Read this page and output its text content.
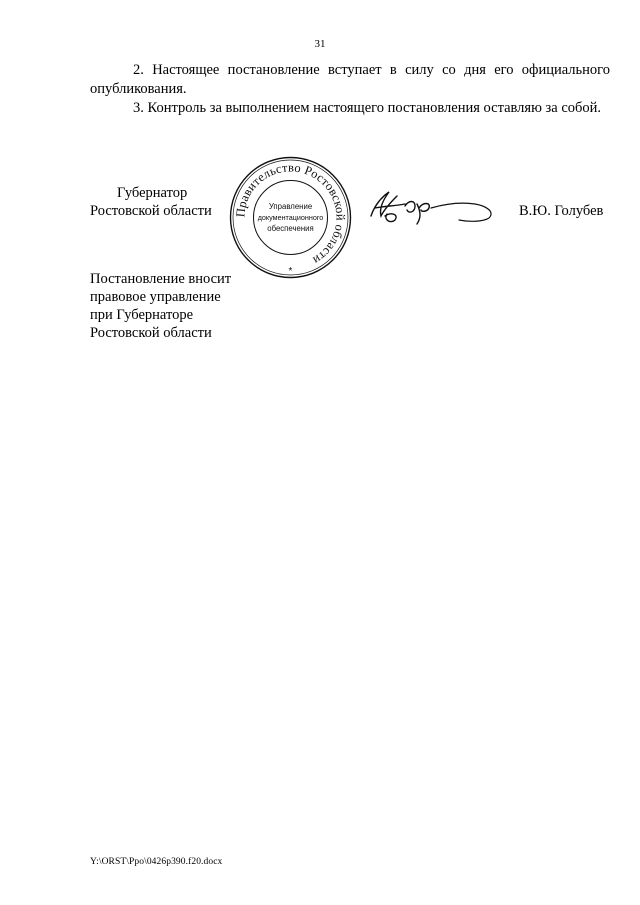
31

2. Настоящее постановление вступает в силу со дня его официального опубликования.

3. Контроль за выполнением настоящего постановления оставляю за собой.

Губернатор
Ростовской области	В.Ю. Голубев
Правительство Ростовской области
Управление
документационного
обеспечения
*
Постановление вносит
правовое управление
при Губернаторе
Ростовской области
Y:\ORST\Ppo\0426p390.f20.docx
